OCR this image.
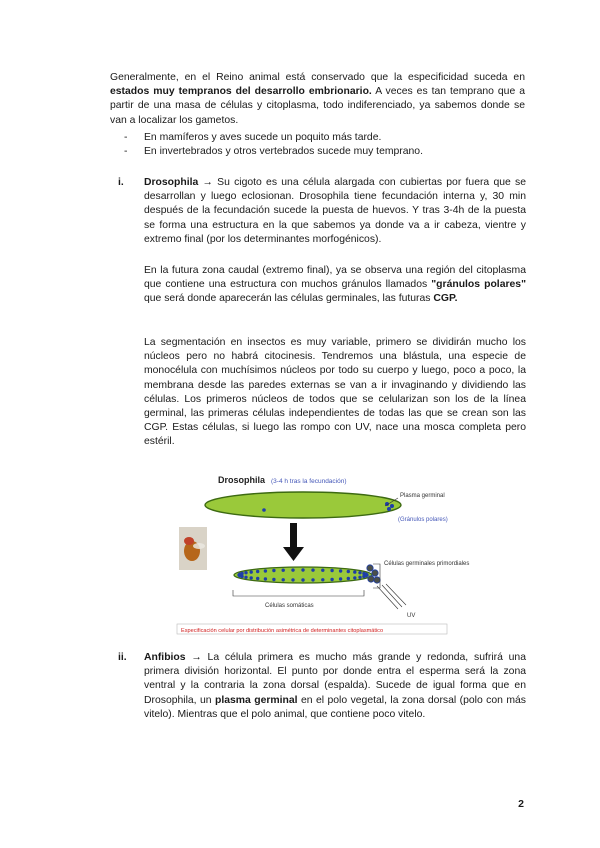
Generalmente, en el Reino animal está conservado que la especificidad suceda en estados muy tempranos del desarrollo embrionario. A veces es tan temprano que a partir de una masa de células y citoplasma, todo indiferenciado, ya sabemos donde se van a localizar los gametos.
- En mamíferos y aves sucede un poquito más tarde.
- En invertebrados y otros vertebrados sucede muy temprano.
i. Drosophila → Su cigoto es una célula alargada con cubiertas por fuera que se desarrollan y luego eclosionan. Drosophila tiene fecundación interna y, 30 min después de la fecundación sucede la puesta de huevos. Y tras 3-4h de la puesta se forma una estructura en la que sabemos ya donde va a ir cabeza, vientre y extremo final (por los determinantes morfogénicos).
En la futura zona caudal (extremo final), ya se observa una región del citoplasma que contiene una estructura con muchos gránulos llamados "gránulos polares" que será donde aparecerán las células germinales, las futuras CGP.
La segmentación en insectos es muy variable, primero se dividirán mucho los núcleos pero no habrá citocinesis. Tendremos una blástula, una especie de monocélula con muchísimos núcleos por todo su cuerpo y luego, poco a poco, la membrana desde las paredes externas se van a ir invaginando y dividiendo las células. Los primeros núcleos de todos que se celularizan son los de la línea germinal, las primeras células independientes de todas las que se crean son las CGP. Estas células, si luego las rompo con UV, nace una mosca completa pero estéril.
Drosophila (3-4 h tras la fecundación)
Plasma germinal
(Gránulos polares)
Células germinales primordiales
Células somáticas
UV
Especificación celular por distribución asimétrica de determinantes citoplasmático
ii. Anfibios → La célula primera es mucho más grande y redonda, sufrirá una primera división horizontal. El punto por donde entra el esperma será la zona ventral y la contraria la zona dorsal (espalda). Sucede de igual forma que en Drosophila, un plasma germinal en el polo vegetal, la zona dorsal (polo con más vitelo). Mientras que el polo animal, que contiene poco vitelo.
2
